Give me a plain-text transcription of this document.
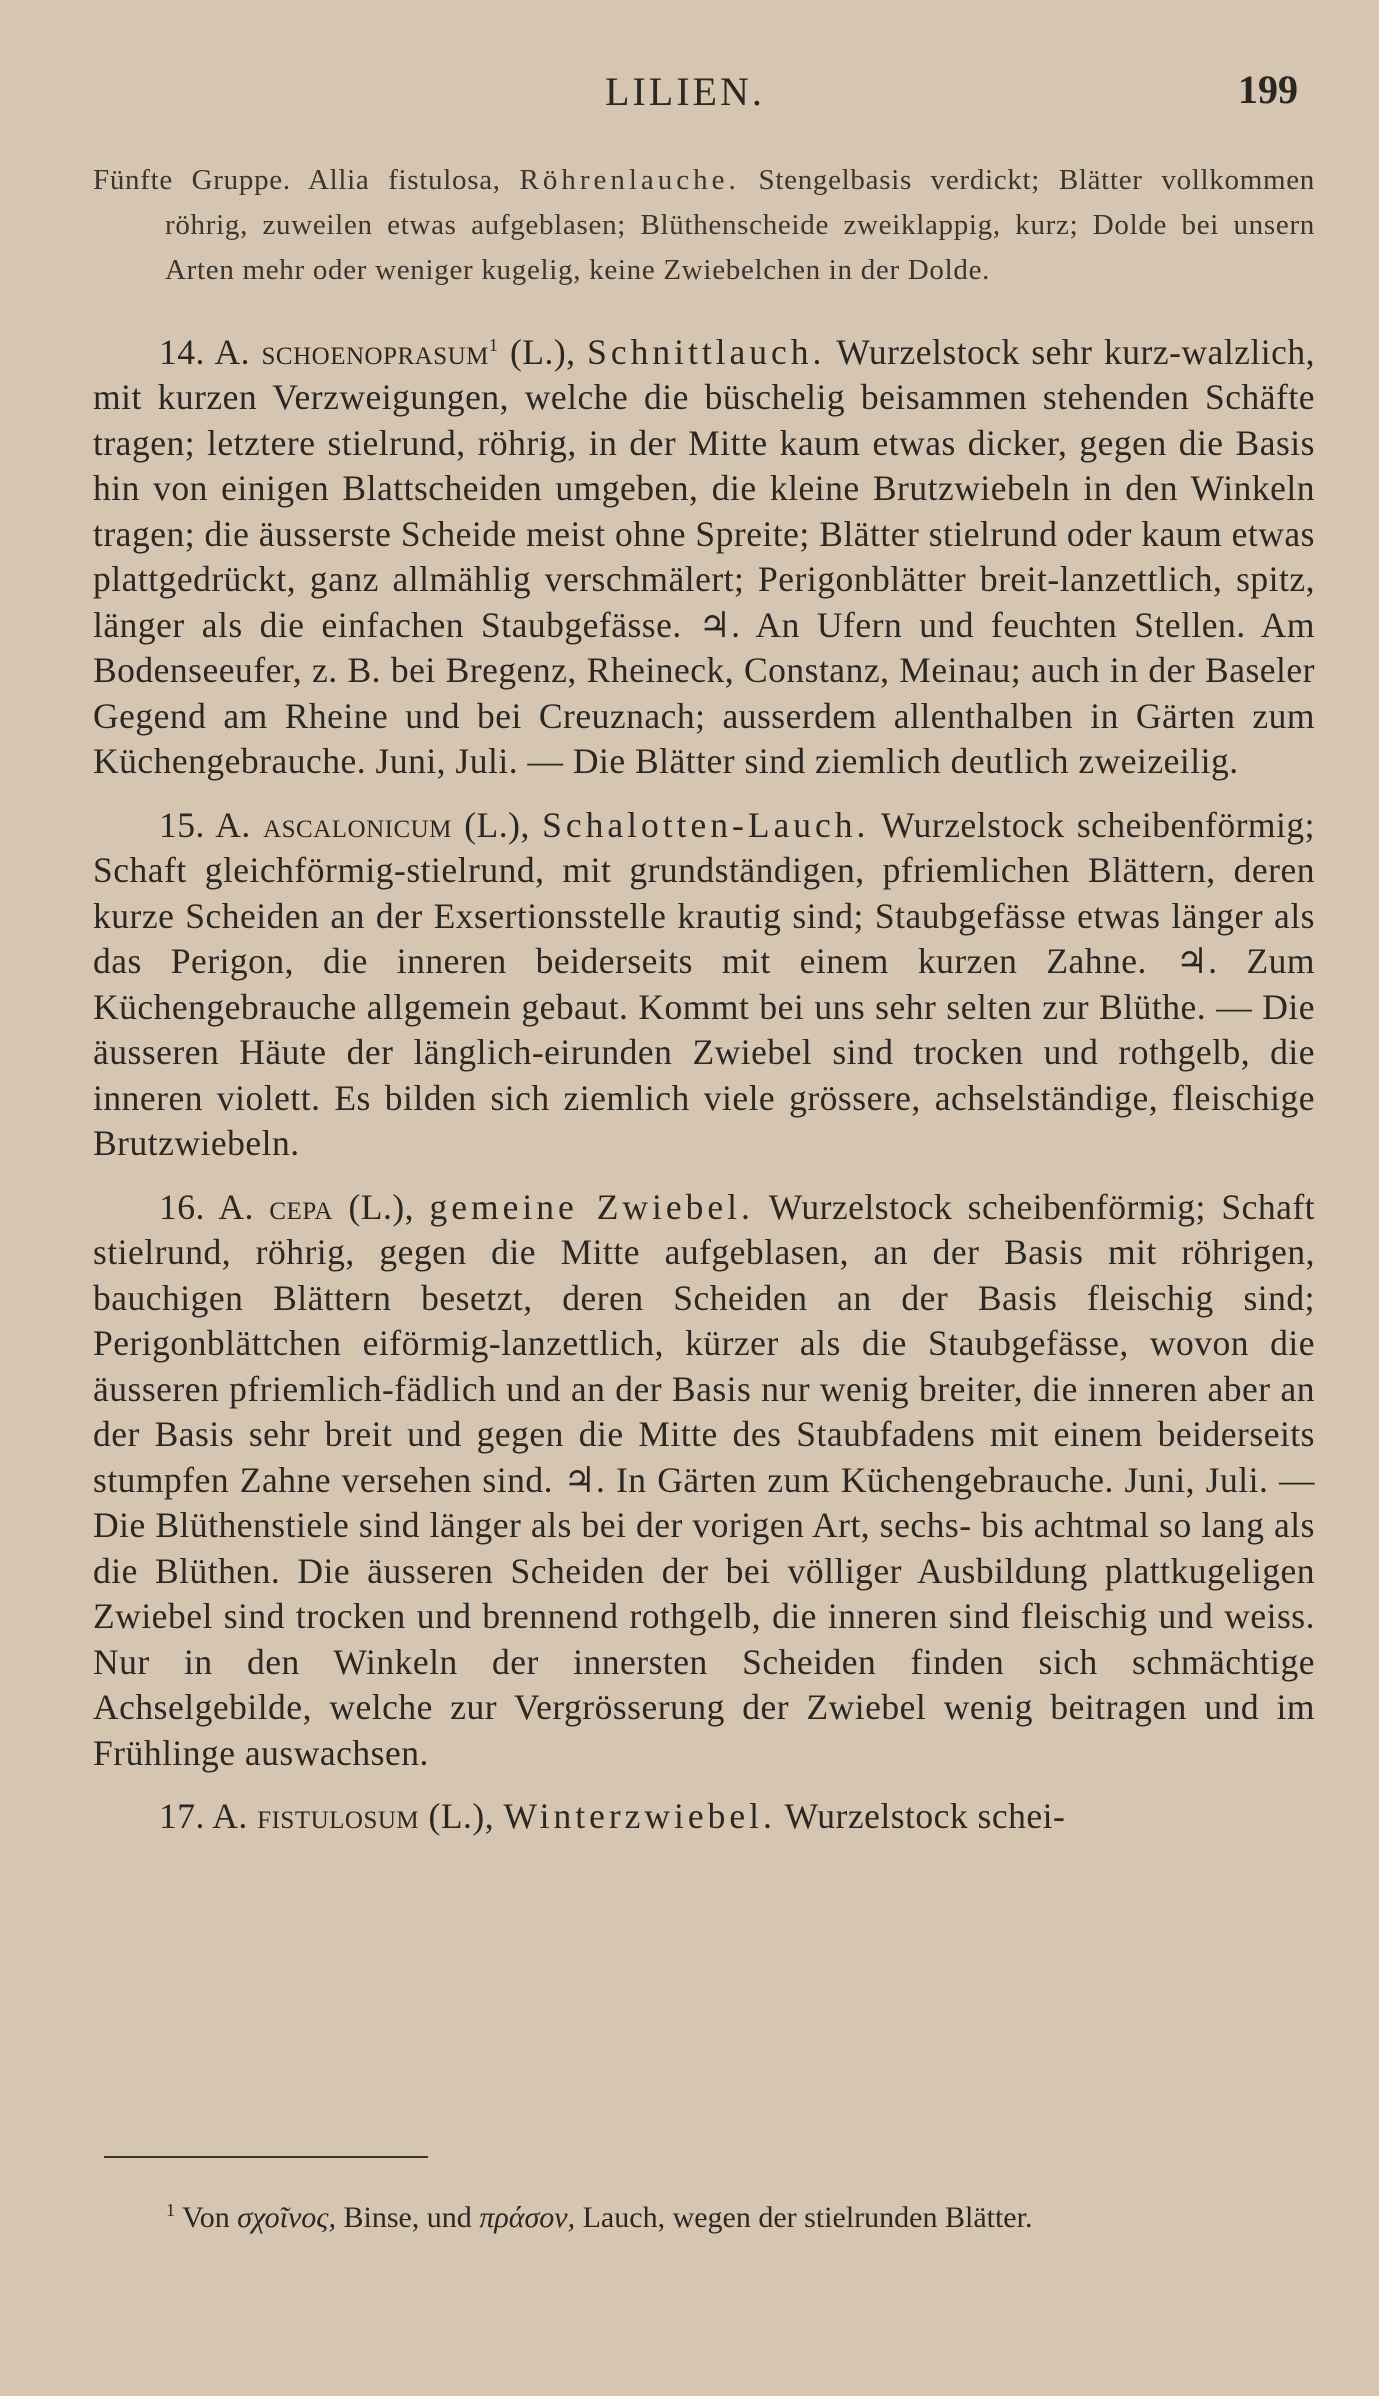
LILIEN.	199

Fünfte Gruppe. Allia fistulosa, Röhrenlauche. Stengelbasis verdickt; Blätter vollkommen röhrig, zuweilen etwas aufgeblasen; Blüthenscheide zweiklappig, kurz; Dolde bei unsern Arten mehr oder weniger kugelig, keine Zwiebelchen in der Dolde.

14. A. schoenoprasum$^1$ (L.), Schnittlauch. Wurzelstock sehr kurz-walzlich, mit kurzen Verzweigungen, welche die büschelig beisammen stehenden Schäfte tragen; letztere stielrund, röhrig, in der Mitte kaum etwas dicker, gegen die Basis hin von einigen Blattscheiden umgeben, die kleine Brutzwiebeln in den Winkeln tragen; die äusserste Scheide meist ohne Spreite; Blätter stielrund oder kaum etwas plattgedrückt, ganz allmählig verschmälert; Perigonblätter breit-lanzettlich, spitz, länger als die einfachen Staubgefässe. ♃. An Ufern und feuchten Stellen. Am Bodenseeufer, z. B. bei Bregenz, Rheineck, Constanz, Meinau; auch in der Baseler Gegend am Rheine und bei Creuznach; ausserdem allenthalben in Gärten zum Küchengebrauche. Juni, Juli. — Die Blätter sind ziemlich deutlich zweizeilig.

15. A. ascalonicum (L.), Schalotten-Lauch. Wurzelstock scheibenförmig; Schaft gleichförmig-stielrund, mit grundständigen, pfriemlichen Blättern, deren kurze Scheiden an der Exsertionsstelle krautig sind; Staubgefässe etwas länger als das Perigon, die inneren beiderseits mit einem kurzen Zahne. ♃. Zum Küchengebrauche allgemein gebaut. Kommt bei uns sehr selten zur Blüthe. — Die äusseren Häute der länglich-eirunden Zwiebel sind trocken und rothgelb, die inneren violett. Es bilden sich ziemlich viele grössere, achselständige, fleischige Brutzwiebeln.

16. A. cepa (L.), gemeine Zwiebel. Wurzelstock scheibenförmig; Schaft stielrund, röhrig, gegen die Mitte aufgeblasen, an der Basis mit röhrigen, bauchigen Blättern besetzt, deren Scheiden an der Basis fleischig sind; Perigonblättchen eiförmig-lanzettlich, kürzer als die Staubgefässe, wovon die äusseren pfriemlich-fädlich und an der Basis nur wenig breiter, die inneren aber an der Basis sehr breit und gegen die Mitte des Staubfadens mit einem beiderseits stumpfen Zahne versehen sind. ♃. In Gärten zum Küchengebrauche. Juni, Juli. — Die Blüthenstiele sind länger als bei der vorigen Art, sechs- bis achtmal so lang als die Blüthen. Die äusseren Scheiden der bei völliger Ausbildung plattkugeligen Zwiebel sind trocken und brennend rothgelb, die inneren sind fleischig und weiss. Nur in den Winkeln der innersten Scheiden finden sich schmächtige Achselgebilde, welche zur Vergrösserung der Zwiebel wenig beitragen und im Frühlinge auswachsen.

17. A. fistulosum (L.), Winterzwiebel. Wurzelstock schei-

$^1$ Von σχοῖνος, Binse, und πράσον, Lauch, wegen der stielrunden Blätter.
